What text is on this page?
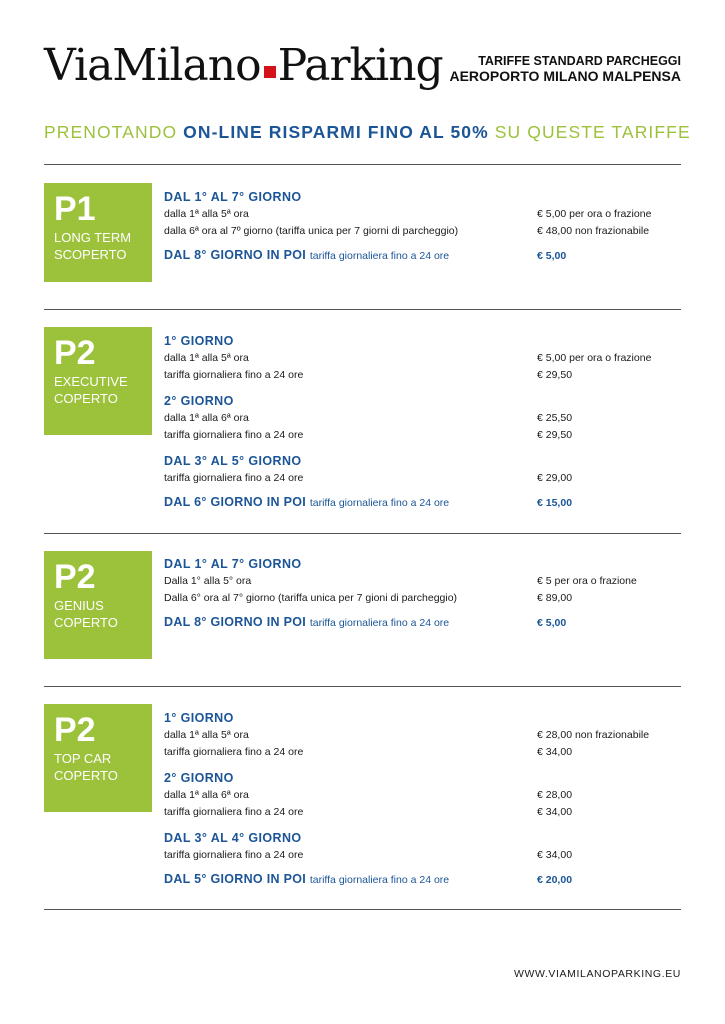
ViaMilano Parking	TARIFFE STANDARD PARCHEGGI
AEROPORTO MILANO MALPENSA
PRENOTANDO ON-LINE RISPARMI FINO AL 50% SU QUESTE TARIFFE
P1
LONG TERM
SCOPERTO
DAL 1° AL 7° GIORNO
dalla 1ª alla 5ª ora	€ 5,00 per ora o frazione
dalla 6ª ora al 7º giorno (tariffa unica per 7 giorni di parcheggio)	€ 48,00 non frazionabile
DAL 8° GIORNO IN POI tariffa giornaliera fino a 24 ore	€ 5,00
P2
EXECUTIVE
COPERTO
1° GIORNO
dalla 1ª alla 5ª ora	€ 5,00 per ora o frazione
tariffa giornaliera fino a 24 ore	€ 29,50
2° GIORNO
dalla 1ª alla 6ª ora	€ 25,50
tariffa giornaliera fino a 24 ore	€ 29,50
DAL 3° AL 5° GIORNO
tariffa giornaliera fino a 24 ore	€ 29,00
DAL 6° GIORNO IN POI tariffa giornaliera fino a 24 ore	€ 15,00
P2
GENIUS
COPERTO
DAL 1° AL 7° GIORNO
Dalla 1° alla 5° ora	€ 5 per ora o frazione
Dalla 6° ora al 7° giorno (tariffa unica per 7 gioni di parcheggio)	€ 89,00
DAL 8° GIORNO IN POI tariffa giornaliera fino a 24 ore	€ 5,00
P2
TOP CAR
COPERTO
1° GIORNO
dalla 1ª alla 5ª ora	€ 28,00 non frazionabile
tariffa giornaliera fino a 24 ore	€ 34,00
2° GIORNO
dalla 1ª alla 6ª ora	€ 28,00
tariffa giornaliera fino a 24 ore	€ 34,00
DAL 3° AL 4° GIORNO
tariffa giornaliera fino a 24 ore	€ 34,00
DAL 5° GIORNO IN POI tariffa giornaliera fino a 24 ore	€ 20,00
WWW.VIAMILANOPARKING.EU
